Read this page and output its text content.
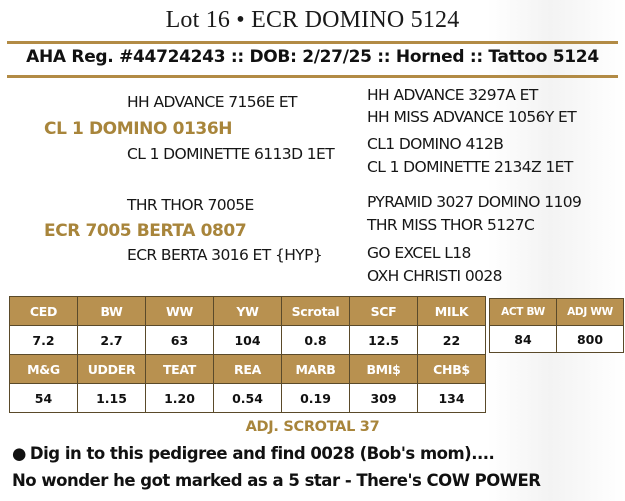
Lot 16 • ECR DOMINO 5124
AHA Reg. #44724243 :: DOB: 2/27/25 :: Horned :: Tattoo 5124
HH ADVANCE 7156E ET
CL 1 DOMINO 0136H
CL 1 DOMINETTE 6113D 1ET
HH ADVANCE 3297A ET
HH MISS ADVANCE 1056Y ET
CL1 DOMINO 412B
CL 1 DOMINETTE 2134Z 1ET
THR THOR 7005E
ECR 7005 BERTA 0807
ECR BERTA 3016 ET {HYP}
PYRAMID 3027 DOMINO 1109
THR MISS THOR 5127C
GO EXCEL L18
OXH CHRISTI 0028
CED	BW	WW	YW	Scrotal	SCF	MILK
7.2	2.7	63	104	0.8	12.5	22
M&G	UDDER	TEAT	REA	MARB	BMI$	CHB$
54	1.15	1.20	0.54	0.19	309	134
ACT BW	ADJ WW
84	800
ADJ. SCROTAL 37
● Dig in to this pedigree and find 0028 (Bob's mom)....
No wonder he got marked as a 5 star - There's COW POWER
